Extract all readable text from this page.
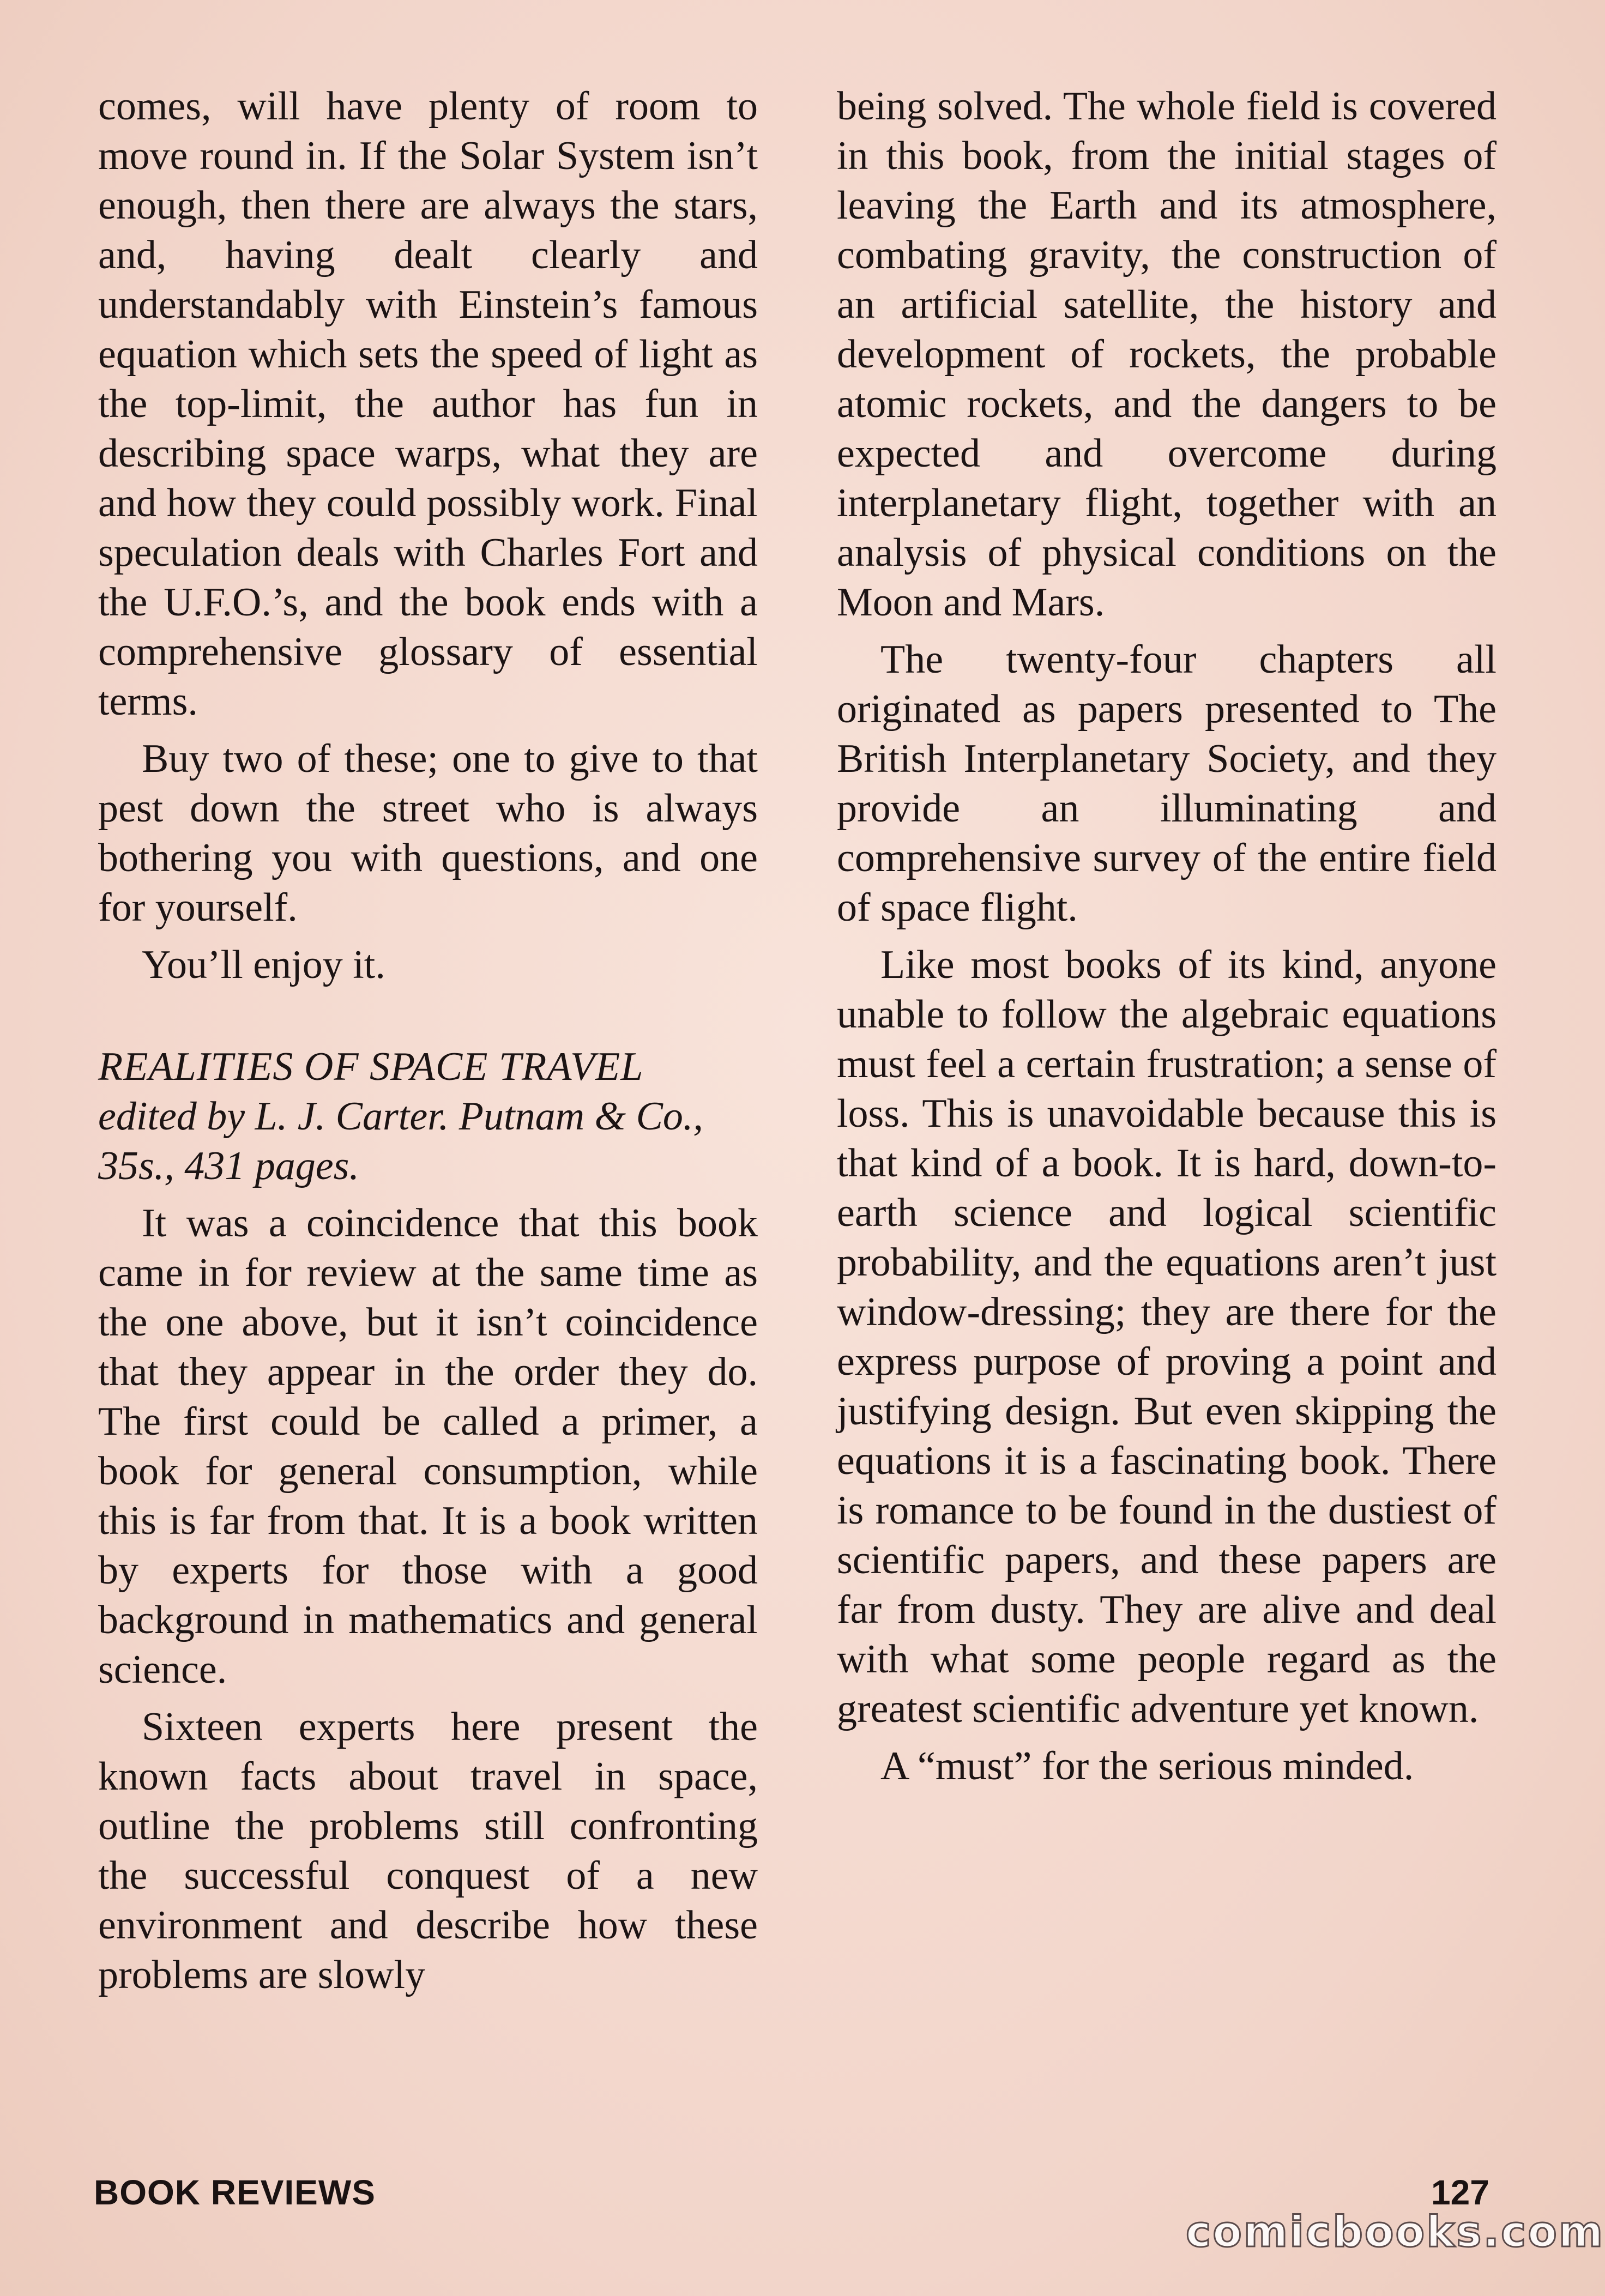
comes, will have plenty of room to move round in. If the Solar System isn’t enough, then there are always the stars, and, having dealt clearly and understandably with Einstein’s famous equation which sets the speed of light as the top-limit, the author has fun in describing space warps, what they are and how they could possibly work. Final speculation deals with Charles Fort and the U.F.O.’s, and the book ends with a comprehensive glossary of essential terms.

Buy two of these; one to give to that pest down the street who is always bothering you with questions, and one for yourself.

You’ll enjoy it.

REALITIES OF SPACE TRAVEL
edited by L. J. Carter. Putnam & Co., 35s., 431 pages.

It was a coincidence that this book came in for review at the same time as the one above, but it isn’t coincidence that they appear in the order they do. The first could be called a primer, a book for general consumption, while this is far from that. It is a book written by experts for those with a good background in mathematics and general science.

Sixteen experts here present the known facts about travel in space, outline the problems still confronting the successful conquest of a new environment and describe how these problems are slowly

being solved. The whole field is covered in this book, from the initial stages of leaving the Earth and its atmosphere, combating gravity, the construction of an artificial satellite, the history and development of rockets, the probable atomic rockets, and the dangers to be expected and overcome during interplanetary flight, together with an analysis of physical conditions on the Moon and Mars.

The twenty-four chapters all originated as papers presented to The British Interplanetary Society, and they provide an illuminating and comprehensive survey of the entire field of space flight.

Like most books of its kind, anyone unable to follow the algebraic equations must feel a certain frustration; a sense of loss. This is unavoidable because this is that kind of a book. It is hard, down-to-earth science and logical scientific probability, and the equations aren’t just window-dressing; they are there for the express purpose of proving a point and justifying design. But even skipping the equations it is a fascinating book. There is romance to be found in the dustiest of scientific papers, and these papers are far from dusty. They are alive and deal with what some people regard as the greatest scientific adventure yet known.

A “must” for the serious minded.

BOOK REVIEWS	127
comicbooks.com
